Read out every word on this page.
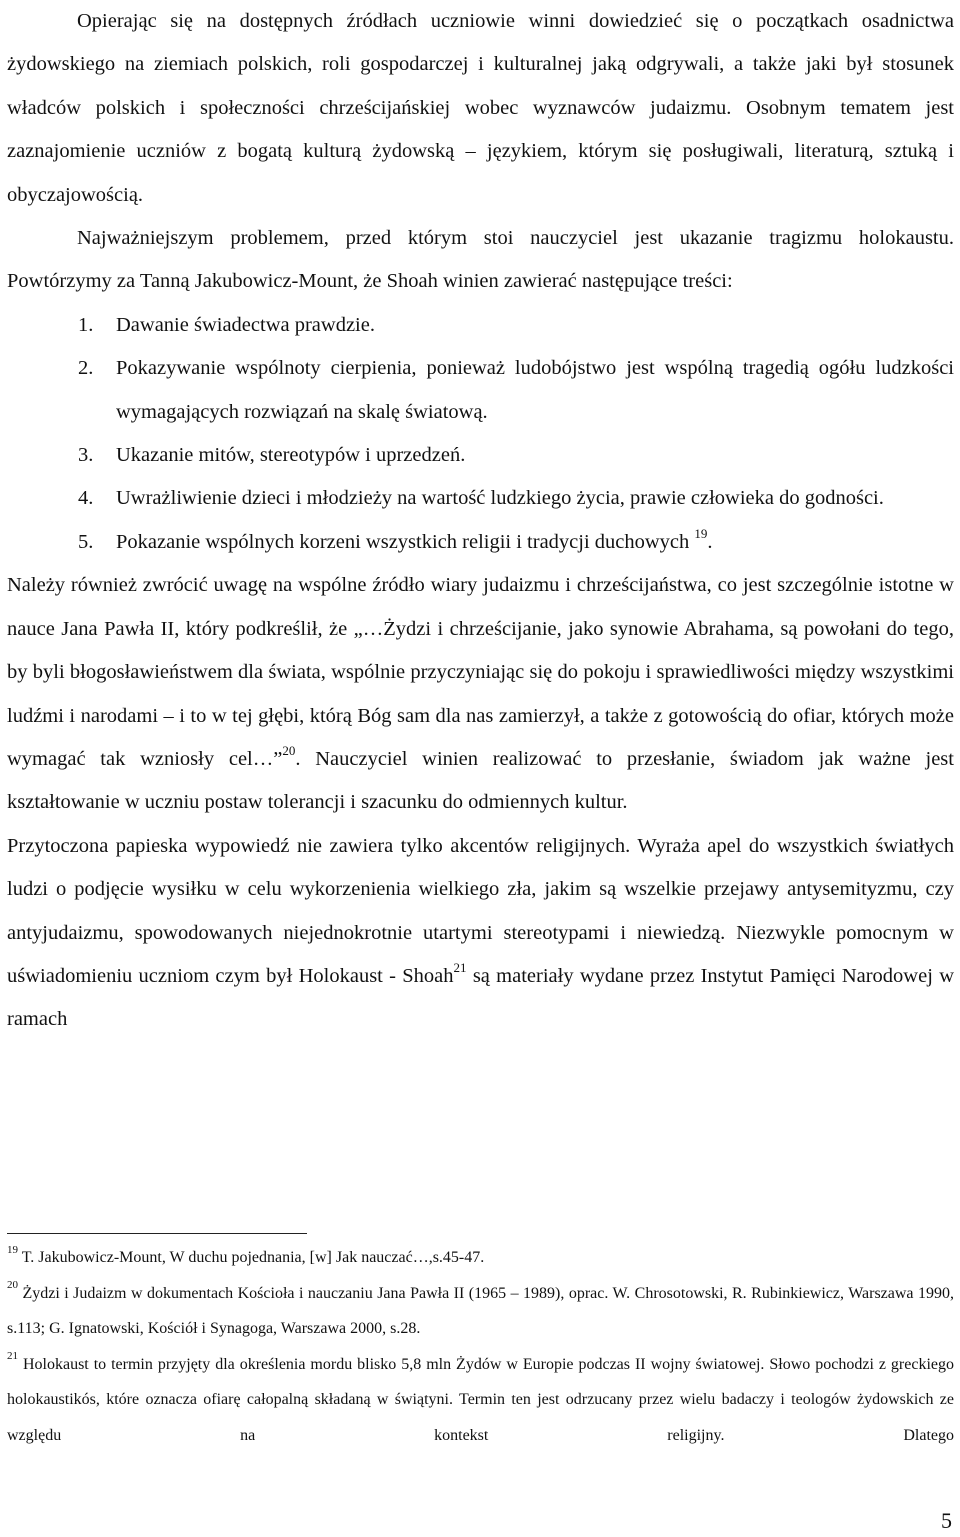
Opierając się na dostępnych źródłach uczniowie winni dowiedzieć się o początkach osadnictwa żydowskiego na ziemiach polskich, roli gospodarczej i kulturalnej jaką odgrywali, a także jaki był stosunek władców polskich i społeczności chrześcijańskiej wobec wyznawców judaizmu. Osobnym tematem jest zaznajomienie uczniów z bogatą kulturą żydowską – językiem, którym się posługiwali, literaturą, sztuką i obyczajowością.

Najważniejszym problemem, przed którym stoi nauczyciel jest ukazanie tragizmu holokaustu. Powtórzymy za Tanną Jakubowicz-Mount, że Shoah winien zawierać następujące treści:

1. Dawanie świadectwa prawdzie.
2. Pokazywanie wspólnoty cierpienia, ponieważ ludobójstwo jest wspólną tragedią ogółu ludzkości wymagających rozwiązań na skalę światową.
3. Ukazanie mitów, stereotypów i uprzedzeń.
4. Uwrażliwienie dzieci i młodzieży na wartość ludzkiego życia, prawie człowieka do godności.
5. Pokazanie wspólnych korzeni wszystkich religii i tradycji duchowych $^{19}$.

Należy również zwrócić uwagę na wspólne źródło wiary judaizmu i chrześcijaństwa, co jest szczególnie istotne w nauce Jana Pawła II, który podkreślił, że „…Żydzi i chrześcijanie, jako synowie Abrahama, są powołani do tego, by byli błogosławieństwem dla świata, wspólnie przyczyniając się do pokoju i sprawiedliwości między wszystkimi ludźmi i narodami – i to w tej głębi, którą Bóg sam dla nas zamierzył, a także z gotowością do ofiar, których może wymagać tak wzniosły cel…”$^{20}$. Nauczyciel winien realizować to przesłanie, świadom jak ważne jest kształtowanie w uczniu postaw tolerancji i szacunku do odmiennych kultur.

Przytoczona papieska wypowiedź nie zawiera tylko akcentów religijnych. Wyraża apel do wszystkich światłych ludzi o podjęcie wysiłku w celu wykorzenienia wielkiego zła, jakim są wszelkie przejawy antysemityzmu, czy antyjudaizmu, spowodowanych niejednokrotnie utartymi stereotypami i niewiedzą. Niezwykle pomocnym w uświadomieniu uczniom czym był Holokaust - Shoah$^{21}$ są materiały wydane przez Instytut Pamięci Narodowej w ramach

$^{19}$ T. Jakubowicz-Mount, W duchu pojednania, [w] Jak nauczać…,s.45-47.

$^{20}$ Żydzi i Judaizm w dokumentach Kościoła i nauczaniu Jana Pawła II (1965 – 1989), oprac. W. Chrosotowski, R. Rubinkiewicz, Warszawa 1990, s.113; G. Ignatowski, Kościół i Synagoga, Warszawa 2000, s.28.

$^{21}$ Holokaust to termin przyjęty dla określenia mordu blisko 5,8 mln Żydów w Europie podczas II wojny światowej. Słowo pochodzi z greckiego holokaustikós, które oznacza ofiarę całopalną składaną w świątyni. Termin ten jest odrzucany przez wielu badaczy i teologów żydowskich ze względu na kontekst religijny. Dlatego

5
